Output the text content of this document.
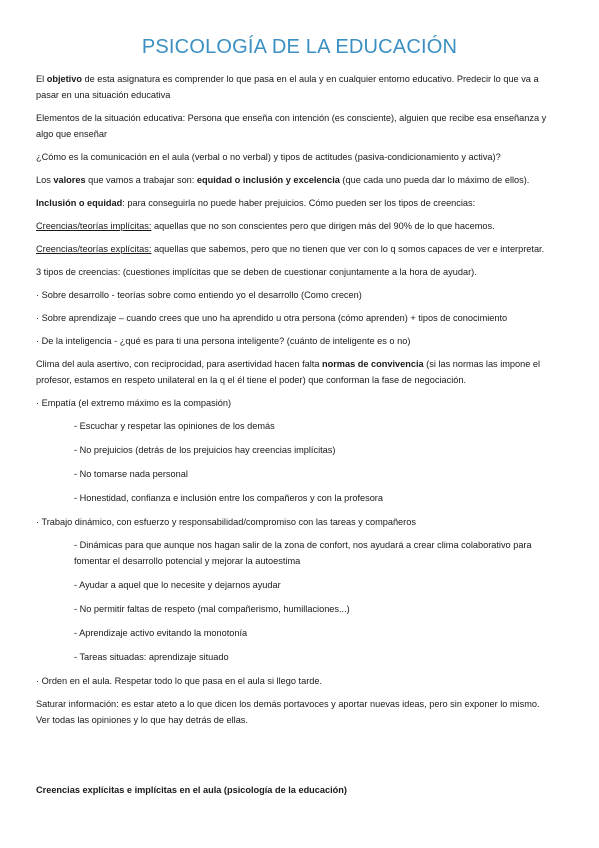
PSICOLOGÍA DE LA EDUCACIÓN

El objetivo de esta asignatura es comprender lo que pasa en el aula y en cualquier entorno educativo. Predecir lo que va a pasar en una situación educativa

Elementos de la situación educativa: Persona que enseña con intención (es consciente), alguien que recibe esa enseñanza y algo que enseñar

¿Cómo es la comunicación en el aula (verbal o no verbal) y tipos de actitudes (pasiva-condicionamiento y activa)?

Los valores que vamos a trabajar son: equidad o inclusión y excelencia (que cada uno pueda dar lo máximo de ellos).

Inclusión o equidad: para conseguirla no puede haber prejuicios. Cómo pueden ser los tipos de creencias:

Creencias/teorías implícitas: aquellas que no son conscientes pero que dirigen más del 90% de lo que hacemos.

Creencias/teorías explícitas: aquellas que sabemos, pero que no tienen que ver con lo q somos capaces de ver e interpretar.

3 tipos de creencias: (cuestiones implícitas que se deben de cuestionar conjuntamente a la hora de ayudar).

· Sobre desarrollo - teorías sobre como entiendo yo el desarrollo (Como crecen)

· Sobre aprendizaje – cuando crees que uno ha aprendido u otra persona (cómo aprenden) + tipos de conocimiento

· De la inteligencia - ¿qué es para ti una persona inteligente? (cuánto de inteligente es o no)

Clima del aula asertivo, con reciprocidad, para asertividad hacen falta normas de convivencia (si las normas las impone el profesor, estamos en respeto unilateral en la q el él tiene el poder) que conforman la fase de negociación.

· Empatía (el extremo máximo es la compasión)

- Escuchar y respetar las opiniones de los demás

- No prejuicios (detrás de los prejuicios hay creencias implícitas)

- No tomarse nada personal

- Honestidad, confianza e inclusión entre los compañeros y con la profesora

· Trabajo dinámico, con esfuerzo y responsabilidad/compromiso con las tareas y compañeros

- Dinámicas para que aunque nos hagan salir de la zona de confort, nos ayudará a crear clima colaborativo para fomentar el desarrollo potencial y mejorar la autoestima

- Ayudar a aquel que lo necesite y dejarnos ayudar

- No permitir faltas de respeto (mal compañerismo, humillaciones...)

- Aprendizaje activo evitando la monotonía

- Tareas situadas: aprendizaje situado

· Orden en el aula. Respetar todo lo que pasa en el aula si llego tarde.

Saturar información: es estar ateto a lo que dicen los demás portavoces y aportar nuevas ideas, pero sin exponer lo mismo. Ver todas las opiniones y lo que hay detrás de ellas.

Creencias explícitas e implícitas en el aula (psicología de la educación)
